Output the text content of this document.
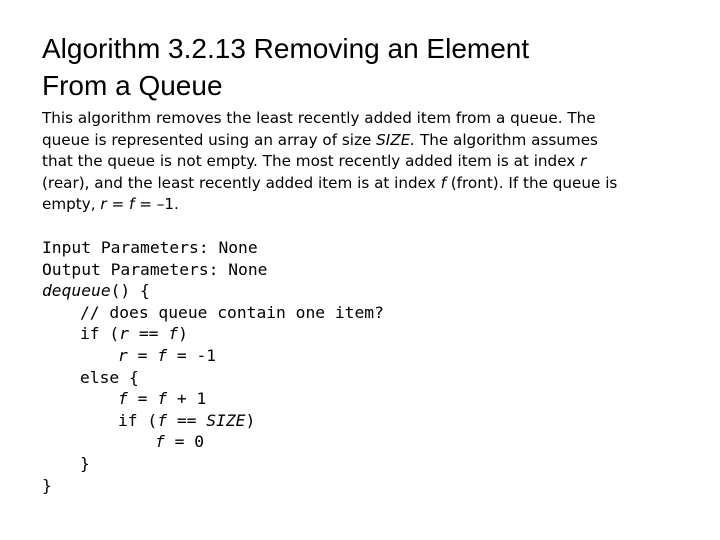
Algorithm 3.2.13 Removing an Element
From a Queue
This algorithm removes the least recently added item from a queue. The
queue is represented using an array of size SIZE. The algorithm assumes
that the queue is not empty. The most recently added item is at index r
(rear), and the least recently added item is at index f (front). If the queue is
empty, r = f = –1.
Input Parameters: None
Output Parameters: None
dequeue() {
// does queue contain one item?
if (r == f)
r = f = -1
else {
f = f + 1
if (f == SIZE)
f = 0
}
}
